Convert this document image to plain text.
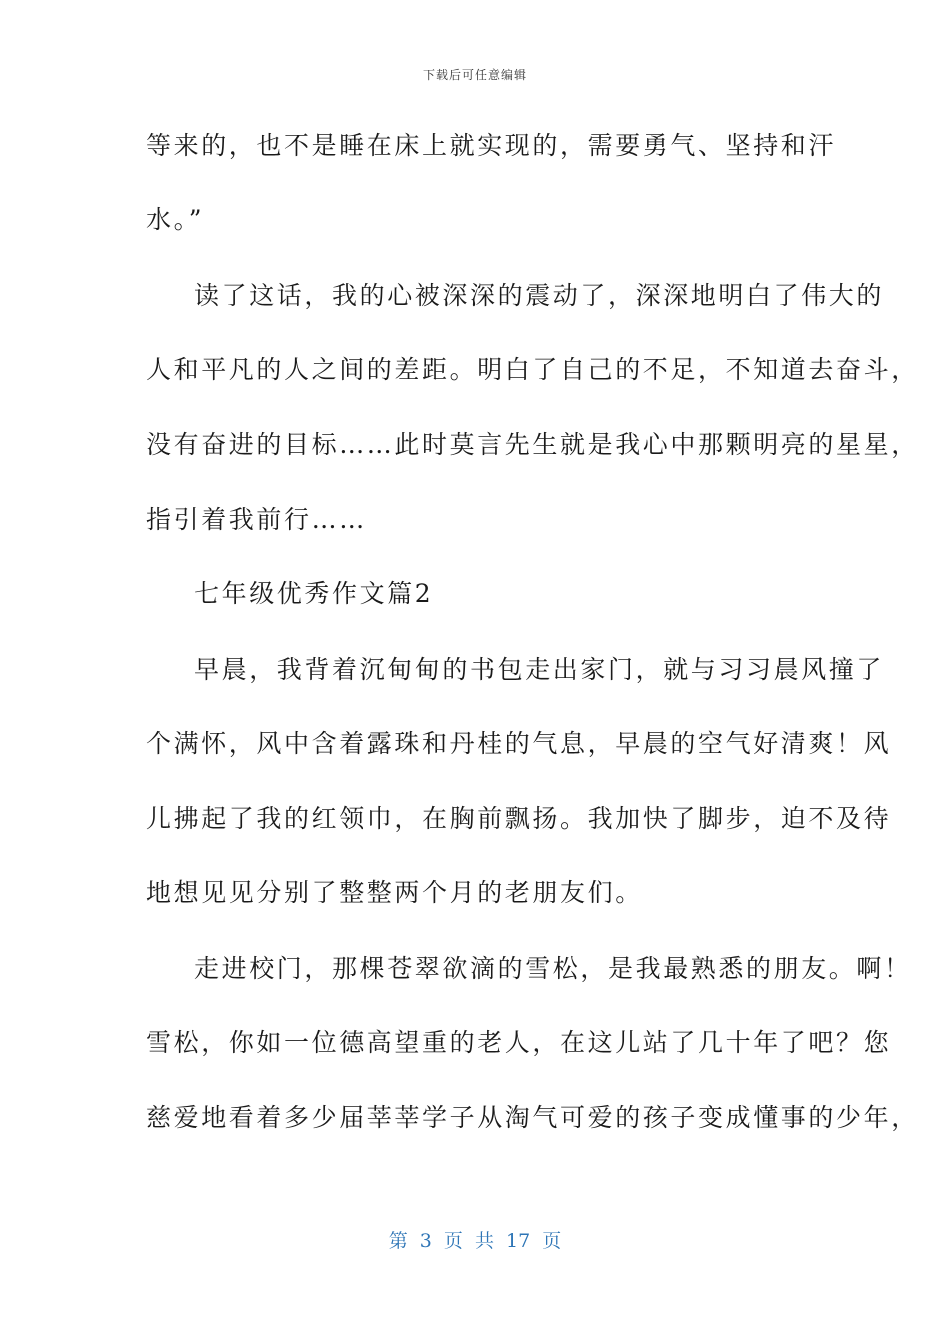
下载后可任意编辑
等来的，也不是睡在床上就实现的，需要勇气、坚持和汗
水。”
读了这话，我的心被深深的震动了，深深地明白了伟大的
人和平凡的人之间的差距。明白了自己的不足，不知道去奋斗，
没有奋进的目标……此时莫言先生就是我心中那颗明亮的星星，
指引着我前行……
七年级优秀作文篇2
早晨，我背着沉甸甸的书包走出家门，就与习习晨风撞了
个满怀，风中含着露珠和丹桂的气息，早晨的空气好清爽！风
儿拂起了我的红领巾，在胸前飘扬。我加快了脚步，迫不及待
地想见见分别了整整两个月的老朋友们。
走进校门，那棵苍翠欲滴的雪松，是我最熟悉的朋友。啊！
雪松，你如一位德高望重的老人，在这儿站了几十年了吧？您
慈爱地看着多少届莘莘学子从淘气可爱的孩子变成懂事的少年，
第 3 页 共 17 页
